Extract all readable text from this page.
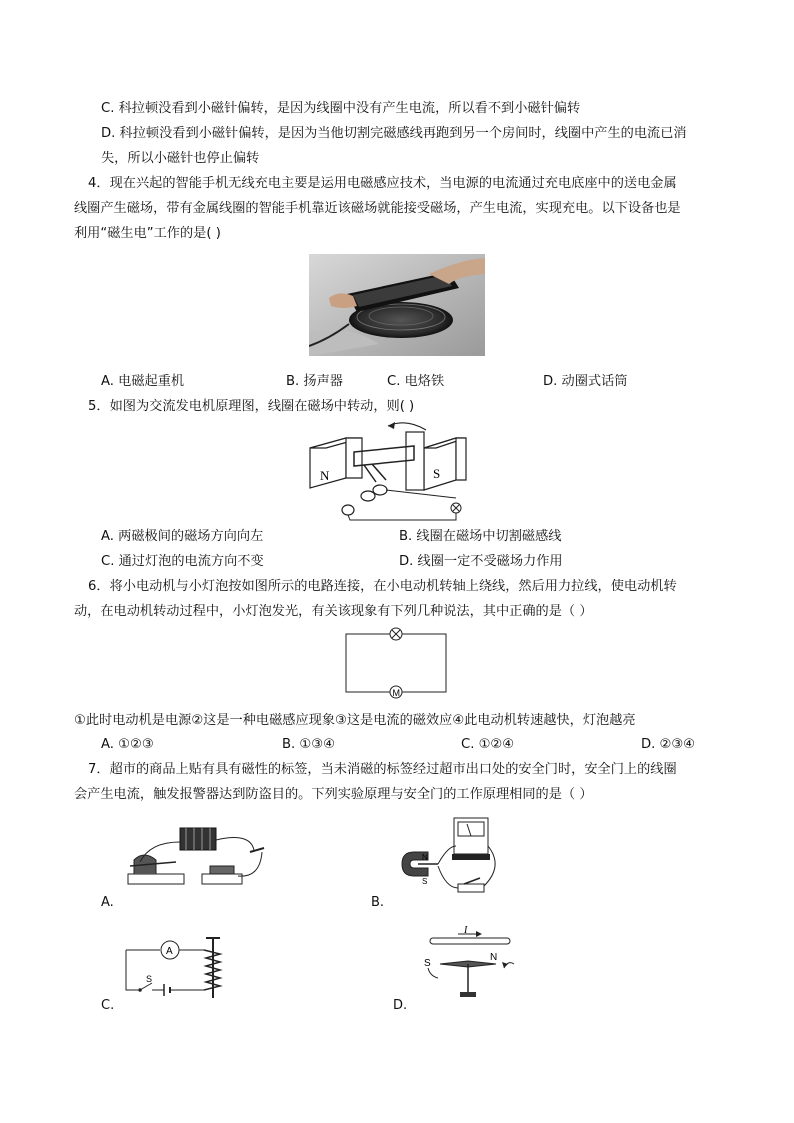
C. 科拉顿没看到小磁针偏转，是因为线圈中没有产生电流，所以看不到小磁针偏转
D. 科拉顿没看到小磁针偏转，是因为当他切割完磁感线再跑到另一个房间时，线圈中产生的电流已消
失，所以小磁针也停止偏转
4．现在兴起的智能手机无线充电主要是运用电磁感应技术，当电源的电流通过充电底座中的送电金属
线圈产生磁场，带有金属线圈的智能手机靠近该磁场就能接受磁场，产生电流，实现充电。以下设备也是
利用“磁生电”工作的是( )
A. 电磁起重机	B. 扬声器	C. 电烙铁	D. 动圈式话筒
5．如图为交流发电机原理图，线圈在磁场中转动，则( )
N	S
A. 两磁极间的磁场方向向左	B. 线圈在磁场中切割磁感线
C. 通过灯泡的电流方向不变	D. 线圈一定不受磁场力作用
6．将小电动机与小灯泡按如图所示的电路连接，在小电动机转轴上绕线，然后用力拉线，使电动机转
动，在电动机转动过程中，小灯泡发光，有关该现象有下列几种说法，其中正确的是（ ）
M
①此时电动机是电源②这是一种电磁感应现象③这是电流的磁效应④此电动机转速越快，灯泡越亮
A. ①②③	B. ①③④	C. ①②④	D. ②③④
7．超市的商品上贴有具有磁性的标签，当未消磁的标签经过超市出口处的安全门时，安全门上的线圈
会产生电流，触发报警器达到防盗目的。下列实验原理与安全门的工作原理相同的是（ ）
A.
N
S
B.
A
S
C.
I
S
N
D.
